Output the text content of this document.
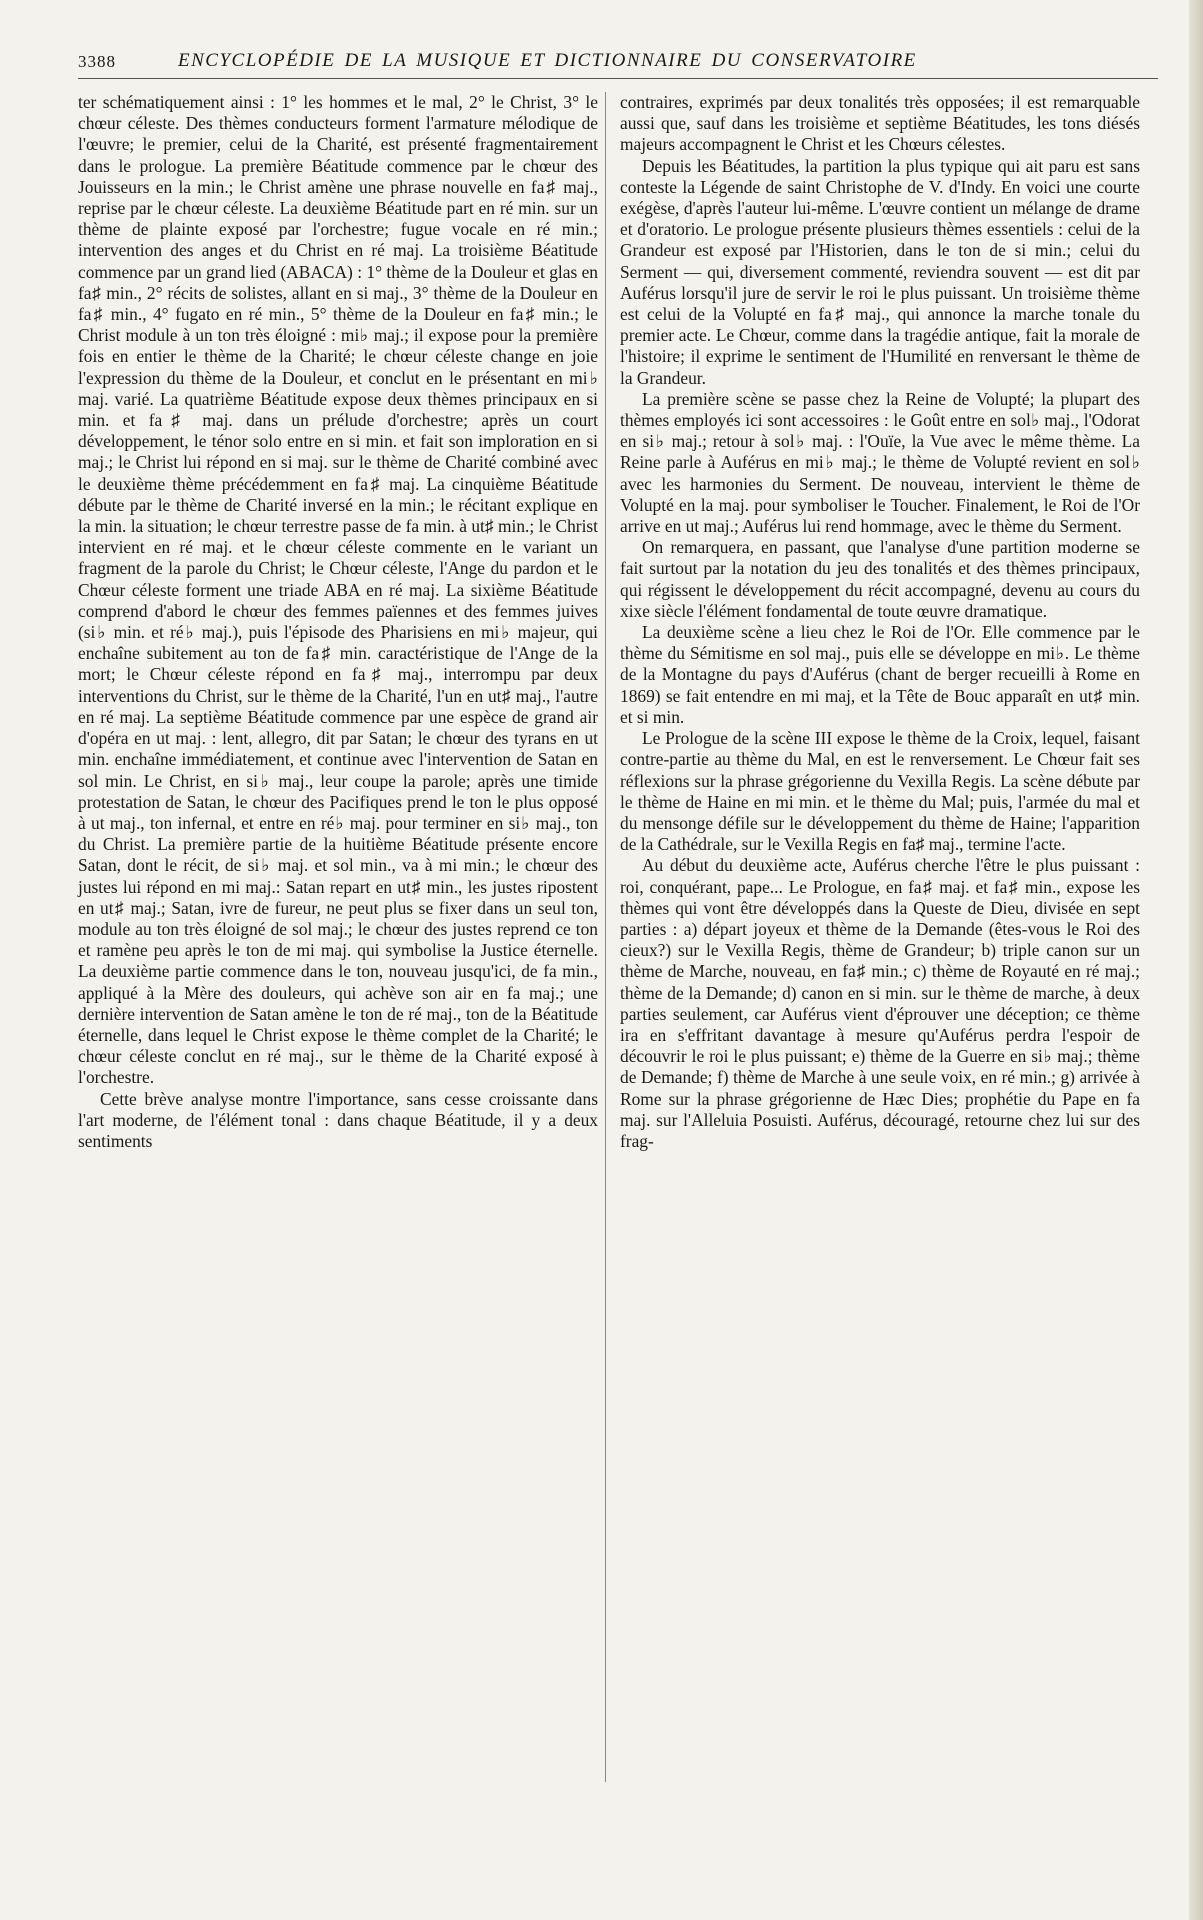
3388	ENCYCLOPÉDIE DE LA MUSIQUE ET DICTIONNAIRE DU CONSERVATOIRE

ter schématiquement ainsi : 1° les hommes et le mal, 2° le Christ, 3° le chœur céleste. Des thèmes conducteurs forment l'armature mélodique de l'œuvre; le premier, celui de la Charité, est présenté fragmentairement dans le prologue. La première Béatitude commence par le chœur des Jouisseurs en la min.; le Christ amène une phrase nouvelle en fa♯ maj., reprise par le chœur céleste. La deuxième Béatitude part en ré min. sur un thème de plainte exposé par l'orchestre; fugue vocale en ré min.; intervention des anges et du Christ en ré maj. La troisième Béatitude commence par un grand lied (ABACA) : 1° thème de la Douleur et glas en fa♯ min., 2° récits de solistes, allant en si maj., 3° thème de la Douleur en fa♯ min., 4° fugato en ré min., 5° thème de la Douleur en fa♯ min.; le Christ module à un ton très éloigné : mi♭ maj.; il expose pour la première fois en entier le thème de la Charité; le chœur céleste change en joie l'expression du thème de la Douleur, et conclut en le présentant en mi♭ maj. varié. La quatrième Béatitude expose deux thèmes principaux en si min. et fa♯ maj. dans un prélude d'orchestre; après un court développement, le ténor solo entre en si min. et fait son imploration en si maj.; le Christ lui répond en si maj. sur le thème de Charité combiné avec le deuxième thème précédemment en fa♯ maj. La cinquième Béatitude débute par le thème de Charité inversé en la min.; le récitant explique en la min. la situation; le chœur terrestre passe de fa min. à ut♯ min.; le Christ intervient en ré maj. et le chœur céleste commente en le variant un fragment de la parole du Christ; le Chœur céleste, l'Ange du pardon et le Chœur céleste forment une triade ABA en ré maj. La sixième Béatitude comprend d'abord le chœur des femmes païennes et des femmes juives (si♭ min. et ré♭ maj.), puis l'épisode des Pharisiens en mi♭ majeur, qui enchaîne subitement au ton de fa♯ min. caractéristique de l'Ange de la mort; le Chœur céleste répond en fa♯ maj., interrompu par deux interventions du Christ, sur le thème de la Charité, l'un en ut♯ maj., l'autre en ré maj. La septième Béatitude commence par une espèce de grand air d'opéra en ut maj. : lent, allegro, dit par Satan; le chœur des tyrans en ut min. enchaîne immédiatement, et continue avec l'intervention de Satan en sol min. Le Christ, en si♭ maj., leur coupe la parole; après une timide protestation de Satan, le chœur des Pacifiques prend le ton le plus opposé à ut maj., ton infernal, et entre en ré♭ maj. pour terminer en si♭ maj., ton du Christ. La première partie de la huitième Béatitude présente encore Satan, dont le récit, de si♭ maj. et sol min., va à mi min.; le chœur des justes lui répond en mi maj.: Satan repart en ut♯ min., les justes ripostent en ut♯ maj.; Satan, ivre de fureur, ne peut plus se fixer dans un seul ton, module au ton très éloigné de sol maj.; le chœur des justes reprend ce ton et ramène peu après le ton de mi maj. qui symbolise la Justice éternelle. La deuxième partie commence dans le ton, nouveau jusqu'ici, de fa min., appliqué à la Mère des douleurs, qui achève son air en fa maj.; une dernière intervention de Satan amène le ton de ré maj., ton de la Béatitude éternelle, dans lequel le Christ expose le thème complet de la Charité; le chœur céleste conclut en ré maj., sur le thème de la Charité exposé à l'orchestre.

Cette brève analyse montre l'importance, sans cesse croissante dans l'art moderne, de l'élément tonal : dans chaque Béatitude, il y a deux sentiments

contraires, exprimés par deux tonalités très opposées; il est remarquable aussi que, sauf dans les troisième et septième Béatitudes, les tons diésés majeurs accompagnent le Christ et les Chœurs célestes.

Depuis les Béatitudes, la partition la plus typique qui ait paru est sans conteste la Légende de saint Christophe de V. d'Indy. En voici une courte exégèse, d'après l'auteur lui-même. L'œuvre contient un mélange de drame et d'oratorio. Le prologue présente plusieurs thèmes essentiels : celui de la Grandeur est exposé par l'Historien, dans le ton de si min.; celui du Serment — qui, diversement commenté, reviendra souvent — est dit par Auférus lorsqu'il jure de servir le roi le plus puissant. Un troisième thème est celui de la Volupté en fa♯ maj., qui annonce la marche tonale du premier acte. Le Chœur, comme dans la tragédie antique, fait la morale de l'histoire; il exprime le sentiment de l'Humilité en renversant le thème de la Grandeur.

La première scène se passe chez la Reine de Volupté; la plupart des thèmes employés ici sont accessoires : le Goût entre en sol♭ maj., l'Odorat en si♭ maj.; retour à sol♭ maj. : l'Ouïe, la Vue avec le même thème. La Reine parle à Auférus en mi♭ maj.; le thème de Volupté revient en sol♭ avec les harmonies du Serment. De nouveau, intervient le thème de Volupté en la maj. pour symboliser le Toucher. Finalement, le Roi de l'Or arrive en ut maj.; Auférus lui rend hommage, avec le thème du Serment.

On remarquera, en passant, que l'analyse d'une partition moderne se fait surtout par la notation du jeu des tonalités et des thèmes principaux, qui régissent le développement du récit accompagné, devenu au cours du xixe siècle l'élément fondamental de toute œuvre dramatique.

La deuxième scène a lieu chez le Roi de l'Or. Elle commence par le thème du Sémitisme en sol maj., puis elle se développe en mi♭. Le thème de la Montagne du pays d'Auférus (chant de berger recueilli à Rome en 1869) se fait entendre en mi maj, et la Tête de Bouc apparaît en ut♯ min. et si min.

Le Prologue de la scène III expose le thème de la Croix, lequel, faisant contre-partie au thème du Mal, en est le renversement. Le Chœur fait ses réflexions sur la phrase grégorienne du Vexilla Regis. La scène débute par le thème de Haine en mi min. et le thème du Mal; puis, l'armée du mal et du mensonge défile sur le développement du thème de Haine; l'apparition de la Cathédrale, sur le Vexilla Regis en fa♯ maj., termine l'acte.

Au début du deuxième acte, Auférus cherche l'être le plus puissant : roi, conquérant, pape... Le Prologue, en fa♯ maj. et fa♯ min., expose les thèmes qui vont être développés dans la Queste de Dieu, divisée en sept parties : a) départ joyeux et thème de la Demande (êtes-vous le Roi des cieux?) sur le Vexilla Regis, thème de Grandeur; b) triple canon sur un thème de Marche, nouveau, en fa♯ min.; c) thème de Royauté en ré maj.; thème de la Demande; d) canon en si min. sur le thème de marche, à deux parties seulement, car Auférus vient d'éprouver une déception; ce thème ira en s'effritant davantage à mesure qu'Auférus perdra l'espoir de découvrir le roi le plus puissant; e) thème de la Guerre en si♭ maj.; thème de Demande; f) thème de Marche à une seule voix, en ré min.; g) arrivée à Rome sur la phrase grégorienne de Hæc Dies; prophétie du Pape en fa maj. sur l'Alleluia Posuisti. Auférus, découragé, retourne chez lui sur des frag-
